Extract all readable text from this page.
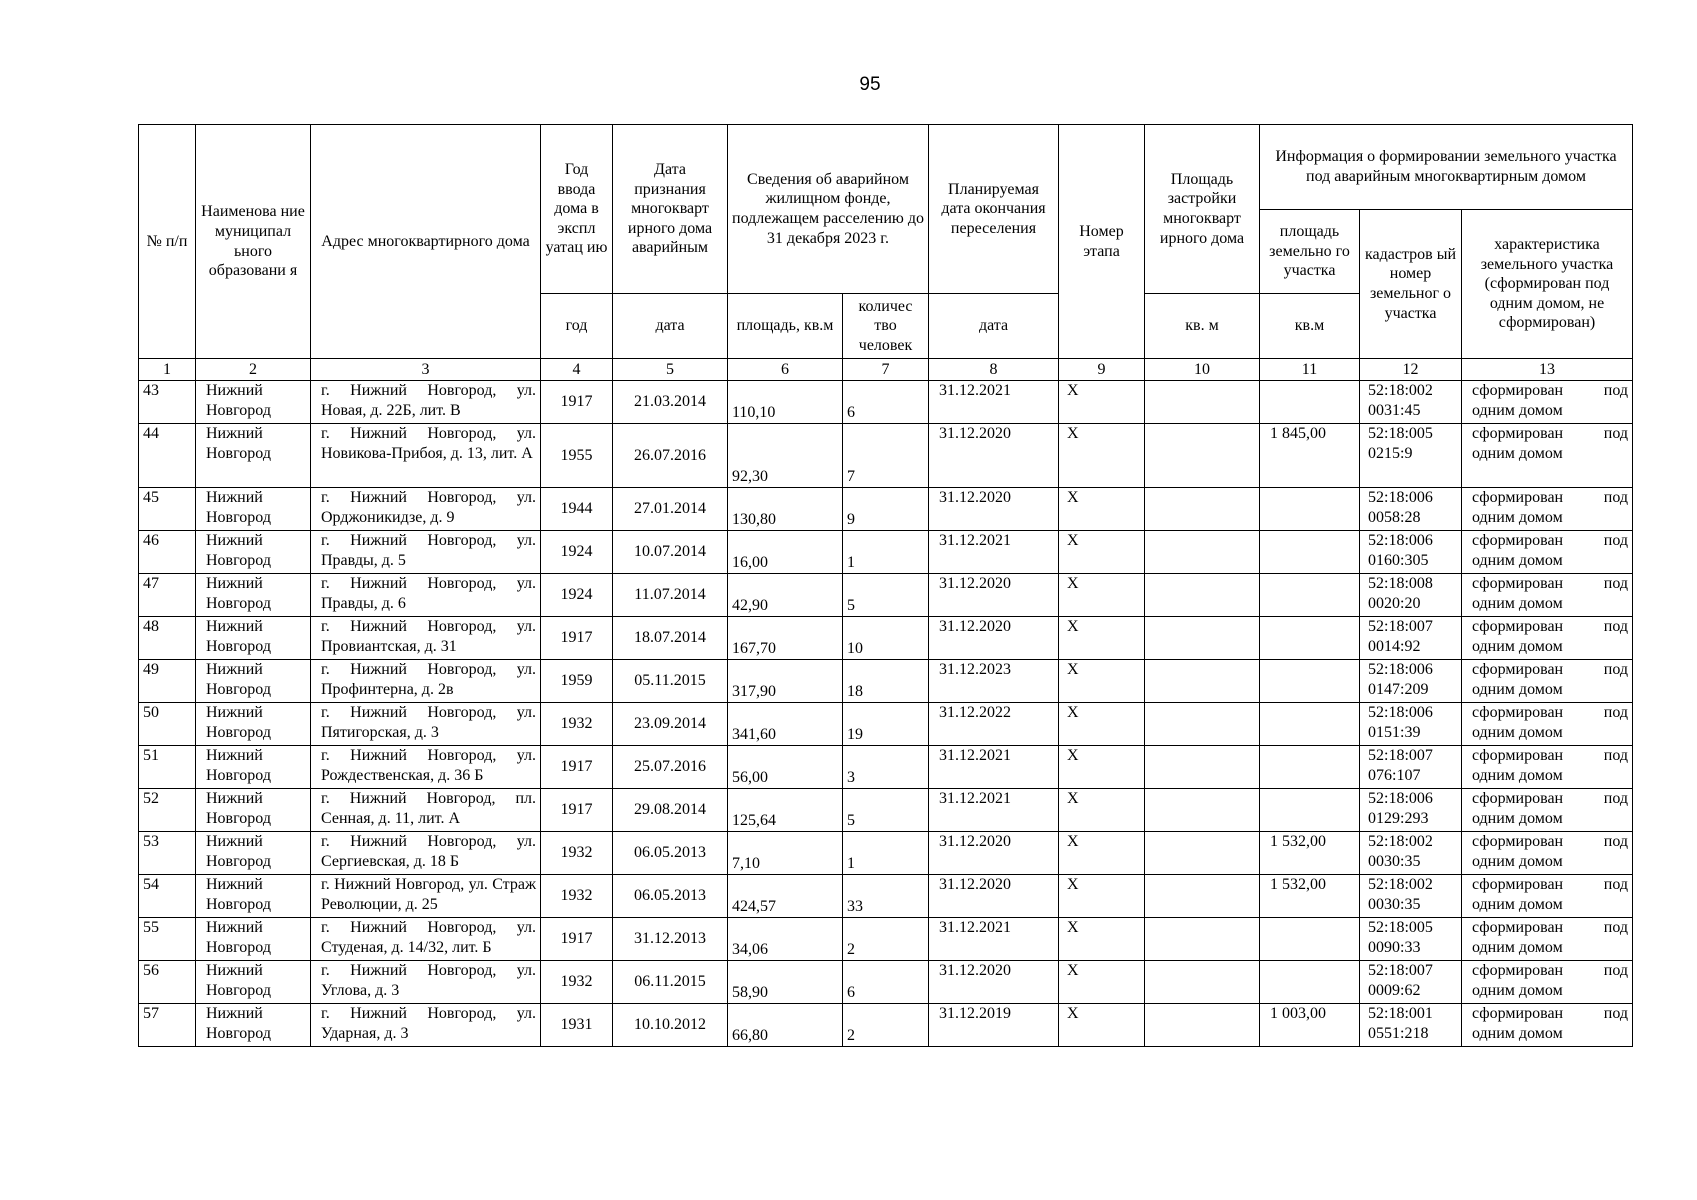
95
№ п/п	Наименова ние муниципал ьного образовани я	Адрес многоквартирного дома	Год ввода дома в экспл уатац ию	Дата признания многокварт ирного дома аварийным	Сведения об аварийном жилищном фонде, подлежащем расселению до 31 декабря 2023 г.		Планируемая дата окончания переселения	Номер этапа	Площадь застройки многокварт ирного дома	Информация о формировании земельного участка под аварийным многоквартирным домом		
										площадь земельно го участка	кадастров ый номер земельног о участка	характеристика земельного участка (сформирован под одним домом, не сформирован)
			год	дата	площадь, кв.м	количес тво человек	дата		кв. м	кв.м		
1	2	3	4	5	6	7	8	9	10	11	12	13
43	Нижний Новгород	г. Нижний Новгород, ул. Новая, д. 22Б, лит. В	1917	21.03.2014	110,10	6	31.12.2021	Х			52:18:002 0031:45	сформирован под одним домом
44	Нижний Новгород	г. Нижний Новгород, ул. Новикова-Прибоя, д. 13, лит. А	1955	26.07.2016	92,30	7	31.12.2020	Х		1 845,00	52:18:005 0215:9	сформирован под одним домом
45	Нижний Новгород	г. Нижний Новгород, ул. Орджоникидзе, д. 9	1944	27.01.2014	130,80	9	31.12.2020	Х			52:18:006 0058:28	сформирован под одним домом
46	Нижний Новгород	г. Нижний Новгород, ул. Правды, д. 5	1924	10.07.2014	16,00	1	31.12.2021	Х			52:18:006 0160:305	сформирован под одним домом
47	Нижний Новгород	г. Нижний Новгород, ул. Правды, д. 6	1924	11.07.2014	42,90	5	31.12.2020	Х			52:18:008 0020:20	сформирован под одним домом
48	Нижний Новгород	г. Нижний Новгород, ул. Провиантская, д. 31	1917	18.07.2014	167,70	10	31.12.2020	Х			52:18:007 0014:92	сформирован под одним домом
49	Нижний Новгород	г. Нижний Новгород, ул. Профинтерна, д. 2в	1959	05.11.2015	317,90	18	31.12.2023	Х			52:18:006 0147:209	сформирован под одним домом
50	Нижний Новгород	г. Нижний Новгород, ул. Пятигорская, д. 3	1932	23.09.2014	341,60	19	31.12.2022	Х			52:18:006 0151:39	сформирован под одним домом
51	Нижний Новгород	г. Нижний Новгород, ул. Рождественская, д. 36 Б	1917	25.07.2016	56,00	3	31.12.2021	Х			52:18:007 076:107	сформирован под одним домом
52	Нижний Новгород	г. Нижний Новгород, пл. Сенная, д. 11, лит. А	1917	29.08.2014	125,64	5	31.12.2021	Х			52:18:006 0129:293	сформирован под одним домом
53	Нижний Новгород	г. Нижний Новгород, ул. Сергиевская, д. 18 Б	1932	06.05.2013	7,10	1	31.12.2020	Х		1 532,00	52:18:002 0030:35	сформирован под одним домом
54	Нижний Новгород	г. Нижний Новгород, ул. Страж Революции, д. 25	1932	06.05.2013	424,57	33	31.12.2020	Х		1 532,00	52:18:002 0030:35	сформирован под одним домом
55	Нижний Новгород	г. Нижний Новгород, ул. Студеная, д. 14/32, лит. Б	1917	31.12.2013	34,06	2	31.12.2021	Х			52:18:005 0090:33	сформирован под одним домом
56	Нижний Новгород	г. Нижний Новгород, ул. Углова, д. 3	1932	06.11.2015	58,90	6	31.12.2020	Х			52:18:007 0009:62	сформирован под одним домом
57	Нижний Новгород	г. Нижний Новгород, ул. Ударная, д. 3	1931	10.10.2012	66,80	2	31.12.2019	Х		1 003,00	52:18:001 0551:218	сформирован под одним домом
